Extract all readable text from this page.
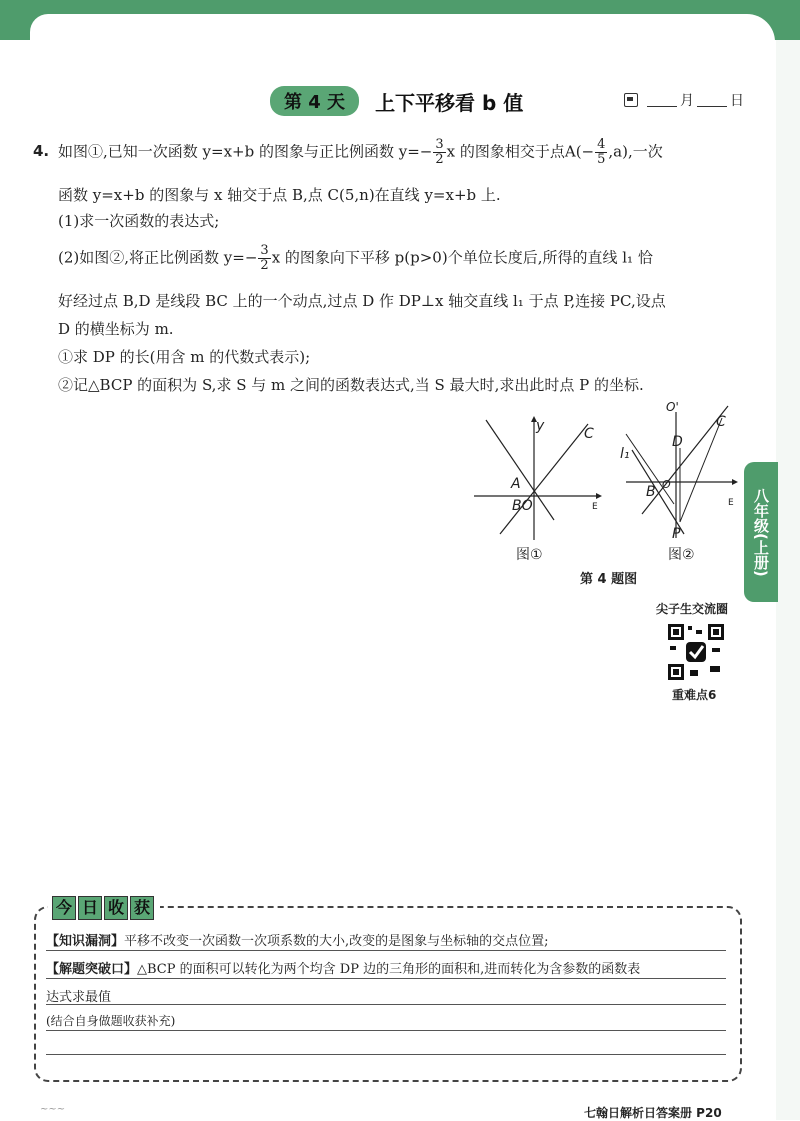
第 4 天	上下平移看 b 值	月	日
4. 如图①,已知一次函数 y=x+b 的图象与正比例函数 $y=- \frac{3}{2}$ x 的图象相交于点$A(- \frac{4}{5} ,a)$,一次
函数 y=x+b 的图象与 x 轴交于点 B,点 C(5,n)在直线 y=x+b 上.
(1)求一次函数的表达式;
(2)如图②,将正比例函数 $y=- \frac{3}{2}$ x 的图象向下平移 p(p>0)个单位长度后,所得的直线 l₁ 恰
好经过点 B,D 是线段 BC 上的一个动点,过点 D 作 DP⊥x 轴交直线 l₁ 于点 P,连接 PC,设点
D 的横坐标为 m.
①求 DP 的长(用含 m 的代数式表示);
②记△BCP 的面积为 S,求 S 与 m 之间的函数表达式,当 S 最大时,求出此时点 P 的坐标.
y	C
A
BO	E
图①
O'
C
l₁
D
B O
P
E
图②
第 4 题图
八年级(上册)
尖子生交流圈
重难点6
今 日 收 获
【知识漏洞】平移不改变一次函数一次项系数的大小,改变的是图象与坐标轴的交点位置;
【解题突破口】△BCP 的面积可以转化为两个均含 DP 边的三角形的面积和,进而转化为含参数的函数表
达式求最值
(结合自身做题收获补充)
~~~	七翰日解析日答案册 P20
